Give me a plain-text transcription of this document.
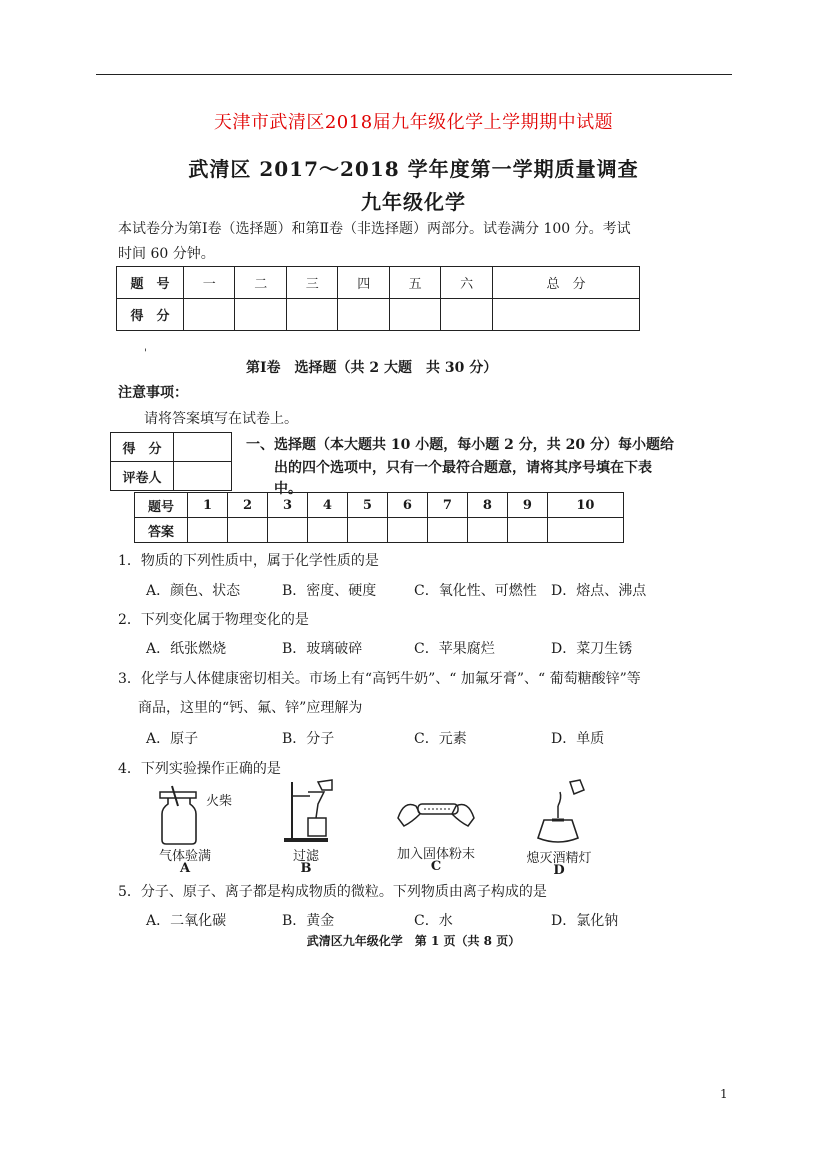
天津市武清区2018届九年级化学上学期期中试题
武清区 2017～2018 学年度第一学期质量调查
九年级化学
本试卷分为第Ⅰ卷（选择题）和第Ⅱ卷（非选择题）两部分。试卷满分 100 分。考试
时间 60 分钟。
题　号	一	二	三	四	五	六	总　分
得　分							
'
第Ⅰ卷　选择题（共 2 大题　共 30 分）
注意事项：
请将答案填写在试卷上。
得　分	
评卷人	
一、选择题（本大题共 10 小题，每小题 2 分，共 20 分）每小题给
出的四个选项中，只有一个最符合题意，请将其序号填在下表
中。
题号	1	2	3	4	5	6	7	8	9	10
答案										
1．物质的下列性质中，属于化学性质的是
A．颜色、状态	B．密度、硬度	C．氧化性、可燃性 D．熔点、沸点
2．下列变化属于物理变化的是
A．纸张燃烧	B．玻璃破碎	C．苹果腐烂	D．菜刀生锈
3．化学与人体健康密切相关。市场上有“高钙牛奶”、“ 加氟牙膏”、“ 葡萄糖酸锌”等
商品，这里的“钙、氟、锌”应理解为
A．原子	B．分子	C．元素	D．单质
4．下列实验操作正确的是
火柴
气体验满
A
过滤
B
加入固体粉末
C
熄灭酒精灯
D
5．分子、原子、离子都是构成物质的微粒。下列物质由离子构成的是
A．二氧化碳	B．黄金	C．水	D．氯化钠
武清区九年级化学　第 1 页（共 8 页）
1
